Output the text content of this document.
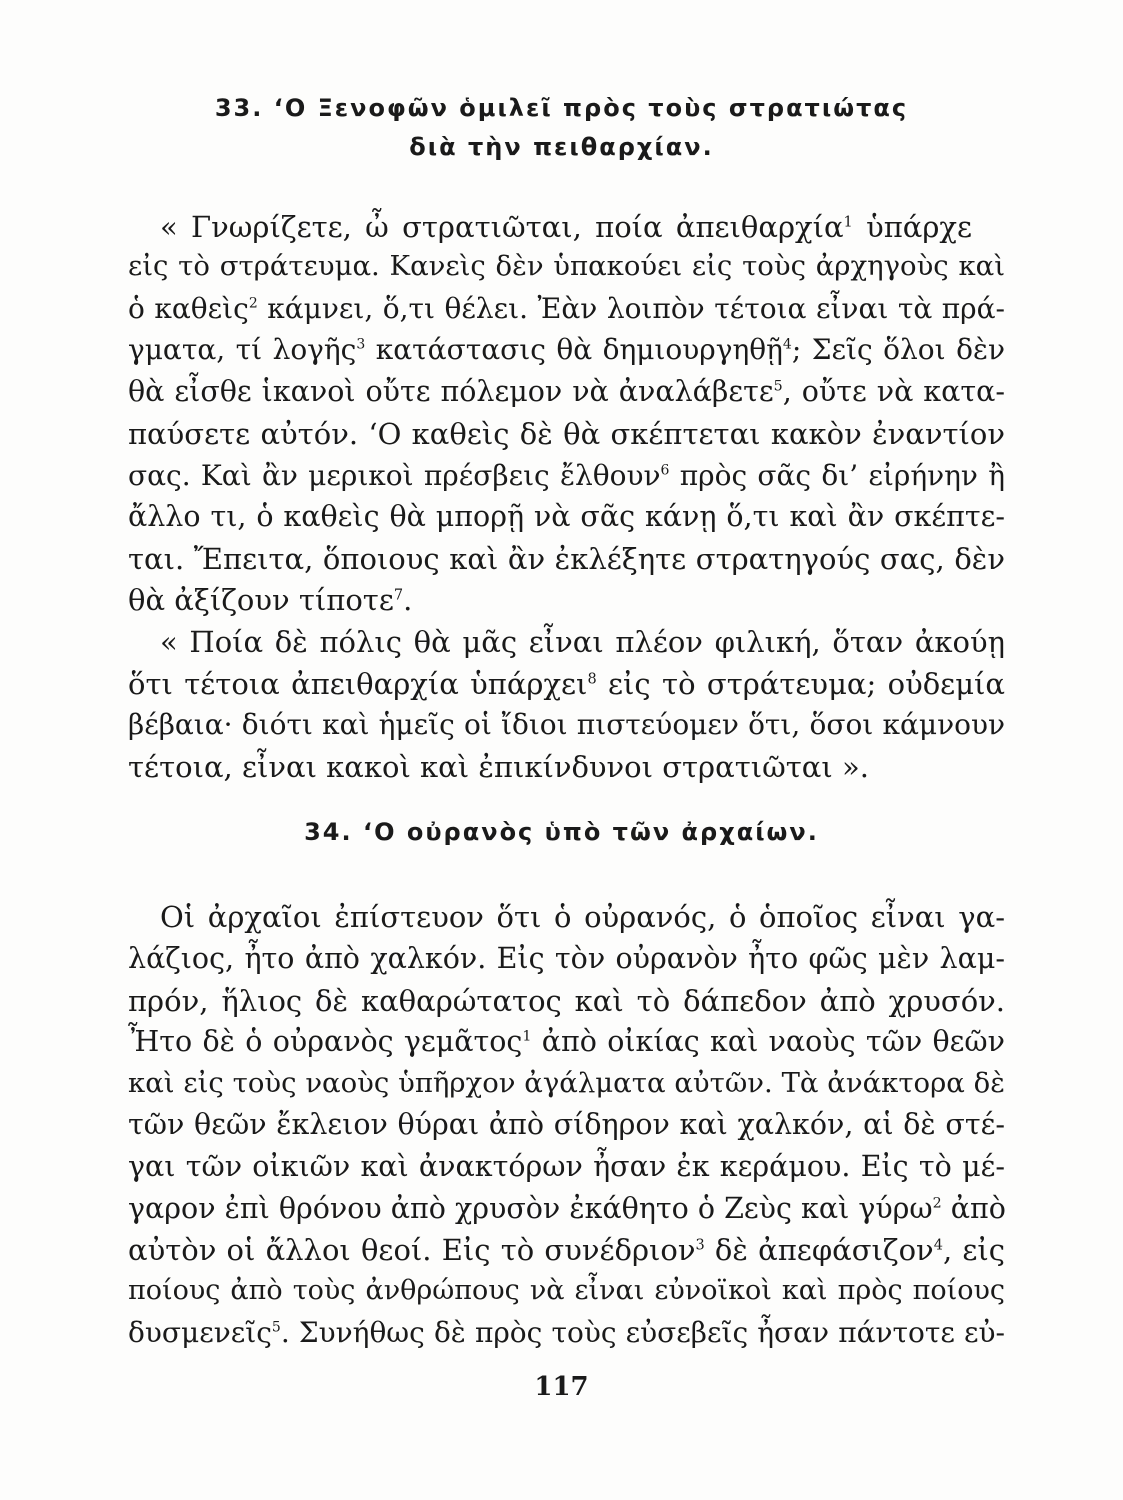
33. ‘Ο Ξενοφῶν ὁμιλεῖ πρὸς τοὺς στρατιώτας
διὰ τὴν πειθαρχίαν.
« Γνωρίζετε, ὦ στρατιῶται, ποία ἀπειθαρχία$^1$ ὑπάρχε
εἰς τὸ στράτευμα. Κανεὶς δὲν ὑπακούει εἰς τοὺς ἀρχηγοὺς καὶ
ὁ καθεὶς$^2$ κάμνει, ὅ,τι θέλει. Ἐὰν λοιπὸν τέτοια εἶναι τὰ πρά-
γματα, τί λογῆς$^3$ κατάστασις θὰ δημιουργηθῇ$^4$; Σεῖς ὅλοι δὲν
θὰ εἶσθε ἱκανοὶ οὔτε πόλεμον νὰ ἀναλάβετε$^5$, οὔτε νὰ κατα-
παύσετε αὐτόν. ‘Ο καθεὶς δὲ θὰ σκέπτεται κακὸν ἐναντίον
σας. Καὶ ἂν μερικοὶ πρέσβεις ἔλθουν$^6$ πρὸς σᾶς δι’ εἰρήνην ἢ
ἄλλο τι, ὁ καθεὶς θὰ μπορῇ νὰ σᾶς κάνῃ ὅ,τι καὶ ἂν σκέπτε-
ται. Ἔπειτα, ὅποιους καὶ ἂν ἐκλέξητε στρατηγούς σας, δὲν
θὰ ἀξίζουν τίποτε$^7$.
« Ποία δὲ πόλις θὰ μᾶς εἶναι πλέον φιλική, ὅταν ἀκούῃ
ὅτι τέτοια ἀπειθαρχία ὑπάρχει$^8$ εἰς τὸ στράτευμα; οὐδεμία
βέβαια· διότι καὶ ἡμεῖς οἱ ἴδιοι πιστεύομεν ὅτι, ὅσοι κάμνουν
τέτοια, εἶναι κακοὶ καὶ ἐπικίνδυνοι στρατιῶται ».
34. ‘Ο οὐρανὸς ὑπὸ τῶν ἀρχαίων.
Οἱ ἀρχαῖοι ἐπίστευον ὅτι ὁ οὐρανός, ὁ ὁποῖος εἶναι γα-
λάζιος, ἦτο ἀπὸ χαλκόν. Εἰς τὸν οὐρανὸν ἦτο φῶς μὲν λαμ-
πρόν, ἥλιος δὲ καθαρώτατος καὶ τὸ δάπεδον ἀπὸ χρυσόν.
Ἦτο δὲ ὁ οὐρανὸς γεμᾶτος$^1$ ἀπὸ οἰκίας καὶ ναοὺς τῶν θεῶν
καὶ εἰς τοὺς ναοὺς ὑπῆρχον ἀγάλματα αὐτῶν. Τὰ ἀνάκτορα δὲ
τῶν θεῶν ἔκλειον θύραι ἀπὸ σίδηρον καὶ χαλκόν, αἱ δὲ στέ-
γαι τῶν οἰκιῶν καὶ ἀνακτόρων ἦσαν ἐκ κεράμου. Εἰς τὸ μέ-
γαρον ἐπὶ θρόνου ἀπὸ χρυσὸν ἐκάθητο ὁ Ζεὺς καὶ γύρω$^2$ ἀπὸ
αὐτὸν οἱ ἄλλοι θεοί. Εἰς τὸ συνέδριον$^3$ δὲ ἀπεφάσιζον$^4$, εἰς
ποίους ἀπὸ τοὺς ἀνθρώπους νὰ εἶναι εὐνοϊκοὶ καὶ πρὸς ποίους
δυσμενεῖς$^5$. Συνήθως δὲ πρὸς τοὺς εὐσεβεῖς ἦσαν πάντοτε εὐ-
117
